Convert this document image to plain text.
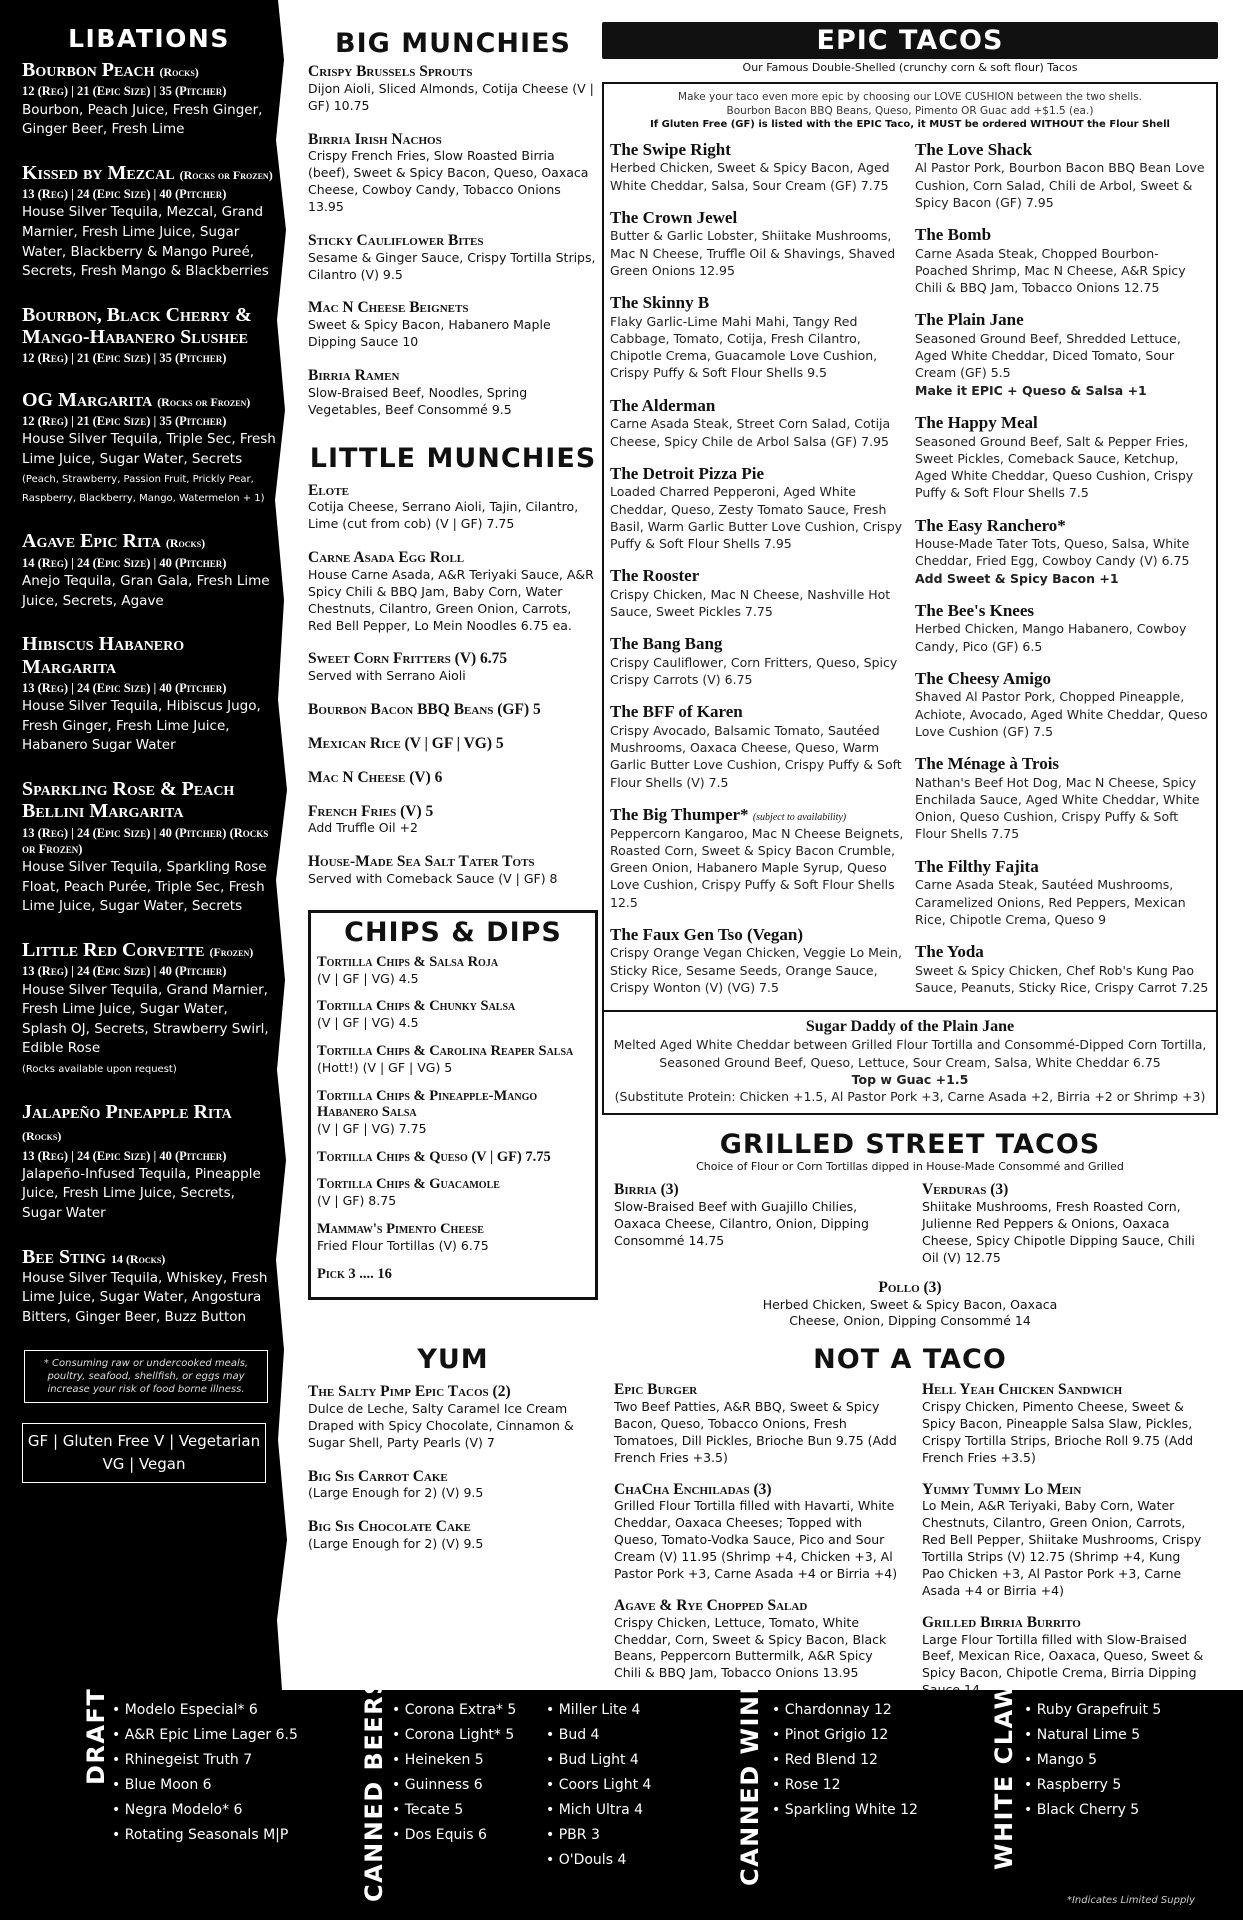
LIBATIONS
Bourbon Peach (Rocks)
12 (Reg) | 21 (Epic Size) | 35 (Pitcher)
Bourbon, Peach Juice, Fresh Ginger, Ginger Beer, Fresh Lime
Kissed by Mezcal (Rocks or Frozen)
13 (Reg) | 24 (Epic Size) | 40 (Pitcher)
House Silver Tequila, Mezcal, Grand Marnier, Fresh Lime Juice, Sugar Water, Blackberry & Mango Pureé, Secrets, Fresh Mango & Blackberries
Bourbon, Black Cherry & Mango-Habanero Slushee
12 (Reg) | 21 (Epic Size) | 35 (Pitcher)
OG Margarita (Rocks or Frozen)
12 (Reg) | 21 (Epic Size) | 35 (Pitcher)
House Silver Tequila, Triple Sec, Fresh Lime Juice, Sugar Water, Secrets
(Peach, Strawberry, Passion Fruit, Prickly Pear, Raspberry, Blackberry, Mango, Watermelon + 1)
Agave Epic Rita (Rocks)
14 (Reg) | 24 (Epic Size) | 40 (Pitcher)
Anejo Tequila, Gran Gala, Fresh Lime Juice, Secrets, Agave
Hibiscus Habanero Margarita
13 (Reg) | 24 (Epic Size) | 40 (Pitcher)
House Silver Tequila, Hibiscus Jugo, Fresh Ginger, Fresh Lime Juice, Habanero Sugar Water
Sparkling Rose & Peach Bellini Margarita
13 (Reg) | 24 (Epic Size) | 40 (Pitcher) (Rocks or Frozen)
House Silver Tequila, Sparkling Rose Float, Peach Purée, Triple Sec, Fresh Lime Juice, Sugar Water, Secrets
Little Red Corvette (Frozen)
13 (Reg) | 24 (Epic Size) | 40 (Pitcher)
House Silver Tequila, Grand Marnier, Fresh Lime Juice, Sugar Water, Splash OJ, Secrets, Strawberry Swirl, Edible Rose
(Rocks available upon request)
Jalapeño Pineapple Rita (Rocks)
13 (Reg) | 24 (Epic Size) | 40 (Pitcher)
Jalapeño-Infused Tequila, Pineapple Juice, Fresh Lime Juice, Secrets, Sugar Water
Bee Sting 14 (Rocks)
House Silver Tequila, Whiskey, Fresh Lime Juice, Sugar Water, Angostura Bitters, Ginger Beer, Buzz Button
* Consuming raw or undercooked meals, poultry, seafood, shellfish, or eggs may increase your risk of food borne illness.
GF | Gluten Free V | Vegetarian
VG | Vegan
BIG MUNCHIES
Crispy Brussels Sprouts
Dijon Aioli, Sliced Almonds, Cotija Cheese (V | GF) 10.75
Birria Irish Nachos
Crispy French Fries, Slow Roasted Birria (beef), Sweet & Spicy Bacon, Queso, Oaxaca Cheese, Cowboy Candy, Tobacco Onions 13.95
Sticky Cauliflower Bites
Sesame & Ginger Sauce, Crispy Tortilla Strips, Cilantro (V) 9.5
Mac N Cheese Beignets
Sweet & Spicy Bacon, Habanero Maple Dipping Sauce 10
Birria Ramen
Slow-Braised Beef, Noodles, Spring Vegetables, Beef Consommé 9.5
LITTLE MUNCHIES
Elote
Cotija Cheese, Serrano Aioli, Tajin, Cilantro, Lime (cut from cob) (V | GF) 7.75
Carne Asada Egg Roll
House Carne Asada, A&R Teriyaki Sauce, A&R Spicy Chili & BBQ Jam, Baby Corn, Water Chestnuts, Cilantro, Green Onion, Carrots, Red Bell Pepper, Lo Mein Noodles 6.75 ea.
Sweet Corn Fritters (V) 6.75
Served with Serrano Aioli
Bourbon Bacon BBQ Beans (GF) 5
Mexican Rice (V | GF | VG) 5
Mac N Cheese (V) 6
French Fries (V) 5
Add Truffle Oil +2
House-Made Sea Salt Tater Tots
Served with Comeback Sauce (V | GF) 8
CHIPS & DIPS
Tortilla Chips & Salsa Roja
(V | GF | VG) 4.5
Tortilla Chips & Chunky Salsa
(V | GF | VG) 4.5
Tortilla Chips & Carolina Reaper Salsa
(Hott!) (V | GF | VG) 5
Tortilla Chips & Pineapple-Mango Habanero Salsa
(V | GF | VG) 7.75
Tortilla Chips & Queso (V | GF) 7.75
Tortilla Chips & Guacamole
(V | GF) 8.75
Mammaw's Pimento Cheese
Fried Flour Tortillas (V) 6.75
Pick 3 .... 16
YUM
The Salty Pimp Epic Tacos (2)
Dulce de Leche, Salty Caramel Ice Cream Draped with Spicy Chocolate, Cinnamon & Sugar Shell, Party Pearls (V) 7
Big Sis Carrot Cake
(Large Enough for 2) (V) 9.5
Big Sis Chocolate Cake
(Large Enough for 2) (V) 9.5
EPIC TACOS
Our Famous Double-Shelled (crunchy corn & soft flour) Tacos
Make your taco even more epic by choosing our LOVE CUSHION between the two shells.
Bourbon Bacon BBQ Beans, Queso, Pimento OR Guac add +$1.5 (ea.)
If Gluten Free (GF) is listed with the EPIC Taco, it MUST be ordered WITHOUT the Flour Shell
The Swipe Right
Herbed Chicken, Sweet & Spicy Bacon, Aged White Cheddar, Salsa, Sour Cream (GF) 7.75
The Crown Jewel
Butter & Garlic Lobster, Shiitake Mushrooms, Mac N Cheese, Truffle Oil & Shavings, Shaved Green Onions 12.95
The Skinny B
Flaky Garlic-Lime Mahi Mahi, Tangy Red Cabbage, Tomato, Cotija, Fresh Cilantro, Chipotle Crema, Guacamole Love Cushion, Crispy Puffy & Soft Flour Shells 9.5
The Alderman
Carne Asada Steak, Street Corn Salad, Cotija Cheese, Spicy Chile de Arbol Salsa (GF) 7.95
The Detroit Pizza Pie
Loaded Charred Pepperoni, Aged White Cheddar, Queso, Zesty Tomato Sauce, Fresh Basil, Warm Garlic Butter Love Cushion, Crispy Puffy & Soft Flour Shells 7.95
The Rooster
Crispy Chicken, Mac N Cheese, Nashville Hot Sauce, Sweet Pickles 7.75
The Bang Bang
Crispy Cauliflower, Corn Fritters, Queso, Spicy Crispy Carrots (V) 6.75
The BFF of Karen
Crispy Avocado, Balsamic Tomato, Sautéed Mushrooms, Oaxaca Cheese, Queso, Warm Garlic Butter Love Cushion, Crispy Puffy & Soft Flour Shells (V) 7.5
The Big Thumper* (subject to availability)
Peppercorn Kangaroo, Mac N Cheese Beignets, Roasted Corn, Sweet & Spicy Bacon Crumble, Green Onion, Habanero Maple Syrup, Queso Love Cushion, Crispy Puffy & Soft Flour Shells 12.5
The Faux Gen Tso (Vegan)
Crispy Orange Vegan Chicken, Veggie Lo Mein, Sticky Rice, Sesame Seeds, Orange Sauce, Crispy Wonton (V) (VG) 7.5
The Love Shack
Al Pastor Pork, Bourbon Bacon BBQ Bean Love Cushion, Corn Salad, Chili de Arbol, Sweet & Spicy Bacon (GF) 7.95
The Bomb
Carne Asada Steak, Chopped Bourbon-Poached Shrimp, Mac N Cheese, A&R Spicy Chili & BBQ Jam, Tobacco Onions 12.75
The Plain Jane
Seasoned Ground Beef, Shredded Lettuce, Aged White Cheddar, Diced Tomato, Sour Cream (GF) 5.5
Make it EPIC + Queso & Salsa +1
The Happy Meal
Seasoned Ground Beef, Salt & Pepper Fries, Sweet Pickles, Comeback Sauce, Ketchup, Aged White Cheddar, Queso Cushion, Crispy Puffy & Soft Flour Shells 7.5
The Easy Ranchero*
House-Made Tater Tots, Queso, Salsa, White Cheddar, Fried Egg, Cowboy Candy (V) 6.75
Add Sweet & Spicy Bacon +1
The Bee's Knees
Herbed Chicken, Mango Habanero, Cowboy Candy, Pico (GF) 6.5
The Cheesy Amigo
Shaved Al Pastor Pork, Chopped Pineapple, Achiote, Avocado, Aged White Cheddar, Queso Love Cushion (GF) 7.5
The Ménage à Trois
Nathan's Beef Hot Dog, Mac N Cheese, Spicy Enchilada Sauce, Aged White Cheddar, White Onion, Queso Cushion, Crispy Puffy & Soft Flour Shells 7.75
The Filthy Fajita
Carne Asada Steak, Sautéed Mushrooms, Caramelized Onions, Red Peppers, Mexican Rice, Chipotle Crema, Queso 9
The Yoda
Sweet & Spicy Chicken, Chef Rob's Kung Pao Sauce, Peanuts, Sticky Rice, Crispy Carrot 7.25
Sugar Daddy of the Plain Jane
Melted Aged White Cheddar between Grilled Flour Tortilla and Consommé-Dipped Corn Tortilla, Seasoned Ground Beef, Queso, Lettuce, Sour Cream, Salsa, White Cheddar 6.75
Top w Guac +1.5
(Substitute Protein: Chicken +1.5, Al Pastor Pork +3, Carne Asada +2, Birria +2 or Shrimp +3)
GRILLED STREET TACOS
Choice of Flour or Corn Tortillas dipped in House-Made Consommé and Grilled
Birria (3)
Slow-Braised Beef with Guajillo Chilies, Oaxaca Cheese, Cilantro, Onion, Dipping Consommé 14.75
Verduras (3)
Shiitake Mushrooms, Fresh Roasted Corn, Julienne Red Peppers & Onions, Oaxaca Cheese, Spicy Chipotle Dipping Sauce, Chili Oil (V) 12.75
Pollo (3)
Herbed Chicken, Sweet & Spicy Bacon, Oaxaca Cheese, Onion, Dipping Consommé 14
NOT A TACO
Epic Burger
Two Beef Patties, A&R BBQ, Sweet & Spicy Bacon, Queso, Tobacco Onions, Fresh Tomatoes, Dill Pickles, Brioche Bun 9.75 (Add French Fries +3.5)
ChaCha Enchiladas (3)
Grilled Flour Tortilla filled with Havarti, White Cheddar, Oaxaca Cheeses; Topped with Queso, Tomato-Vodka Sauce, Pico and Sour Cream (V) 11.95 (Shrimp +4, Chicken +3, Al Pastor Pork +3, Carne Asada +4 or Birria +4)
Agave & Rye Chopped Salad
Crispy Chicken, Lettuce, Tomato, White Cheddar, Corn, Sweet & Spicy Bacon, Black Beans, Peppercorn Buttermilk, A&R Spicy Chili & BBQ Jam, Tobacco Onions 13.95
Hell Yeah Chicken Sandwich
Crispy Chicken, Pimento Cheese, Sweet & Spicy Bacon, Pineapple Salsa Slaw, Pickles, Crispy Tortilla Strips, Brioche Roll 9.75 (Add French Fries +3.5)
Yummy Tummy Lo Mein
Lo Mein, A&R Teriyaki, Baby Corn, Water Chestnuts, Cilantro, Green Onion, Carrots, Red Bell Pepper, Shiitake Mushrooms, Crispy Tortilla Strips (V) 12.75 (Shrimp +4, Kung Pao Chicken +3, Al Pastor Pork +3, Carne Asada +4 or Birria +4)
Grilled Birria Burrito
Large Flour Tortilla filled with Slow-Braised Beef, Mexican Rice, Oaxaca, Queso, Sweet & Spicy Bacon, Chipotle Crema, Birria Dipping
DRAFT	• Modelo Especial* 6
• A&R Epic Lime Lager 6.5
• Rhinegeist Truth 7
• Blue Moon 6
• Negra Modelo* 6
• Rotating Seasonals M|P	CANNED BEERS	• Corona Extra* 5
• Corona Light* 5
• Heineken 5
• Guinness 6
• Tecate 5
• Dos Equis 6
• Miller Lite 4
• Bud 4
• Bud Light 4
• Coors Light 4
• Mich Ultra 4
• PBR 3
• O'Douls 4	CANNED WINE	• Chardonnay 12
• Pinot Grigio 12
• Red Blend 12
• Rose 12
• Sparkling White 12	WHITE CLAW	• Ruby Grapefruit 5
• Natural Lime 5
• Mango 5
• Raspberry 5
• Black Cherry 5
*Indicates Limited Supply
